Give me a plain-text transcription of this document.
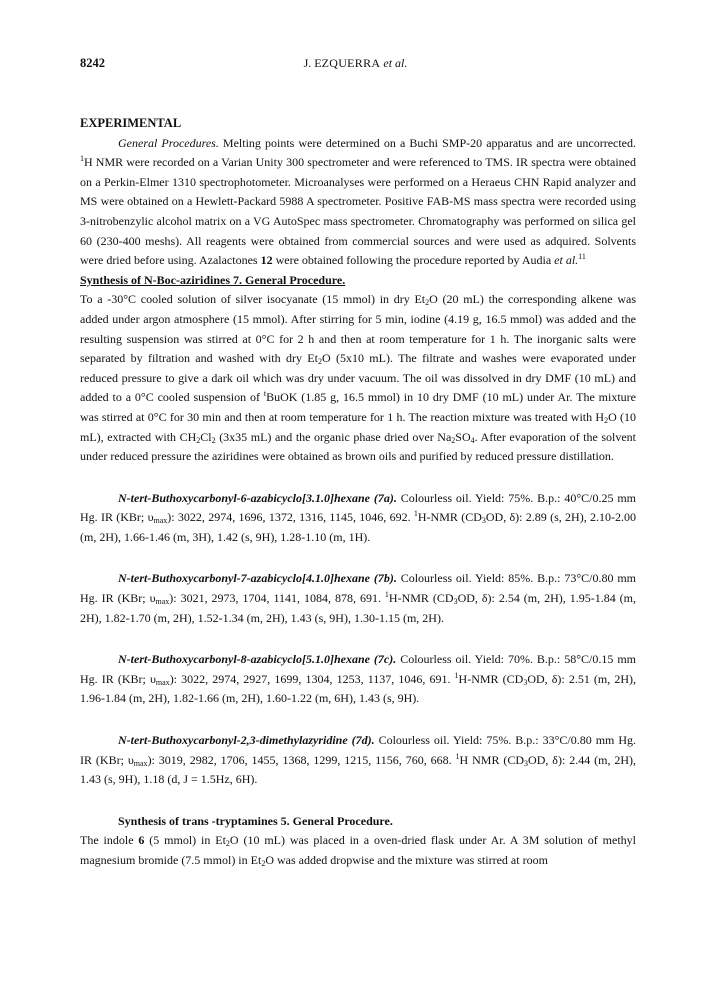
8242	J. EZQUERRA et al.

EXPERIMENTAL

General Procedures. Melting points were determined on a Buchi SMP-20 apparatus and are uncorrected. $^1$H NMR were recorded on a Varian Unity 300 spectrometer and were referenced to TMS. IR spectra were obtained on a Perkin-Elmer 1310 spectrophotometer. Microanalyses were performed on a Heraeus CHN Rapid analyzer and MS were obtained on a Hewlett-Packard 5988 A spectrometer. Positive FAB-MS mass spectra were recorded using 3-nitrobenzylic alcohol matrix on a VG AutoSpec mass spectrometer. Chromatography was performed on silica gel 60 (230-400 meshs). All reagents were obtained from commercial sources and were used as adquired. Solvents were dried before using. Azalactones 12 were obtained following the procedure reported by Audia et al.$^{11}$

Synthesis of N-Boc-aziridines 7. General Procedure.

To a -30°C cooled solution of silver isocyanate (15 mmol) in dry $Et_2O$ (20 mL) the corresponding alkene was added under argon atmosphere (15 mmol). After stirring for 5 min, iodine (4.19 g, 16.5 mmol) was added and the resulting suspension was stirred at 0°C for 2 h and then at room temperature for 1 h. The inorganic salts were separated by filtration and washed with dry $Et_2O$ (5x10 mL). The filtrate and washes were evaporated under reduced pressure to give a dark oil which was dry under vacuum. The oil was dissolved in dry DMF (10 mL) and added to a 0°C cooled suspension of $^t$BuOK (1.85 g, 16.5 mmol) in 10 dry DMF (10 mL) under Ar. The mixture was stirred at 0°C for 30 min and then at room temperature for 1 h. The reaction mixture was treated with $H_2O$ (10 mL), extracted with $CH_2Cl_2$ (3x35 mL) and the organic phase dried over $Na_2SO_4$. After evaporation of the solvent under reduced pressure the aziridines were obtained as brown oils and purified by reduced pressure distillation.

N-tert-Buthoxycarbonyl-6-azabicyclo[3.1.0]hexane (7a). Colourless oil. Yield: 75%. B.p.: 40°C/0.25 mm Hg. IR (KBr; $\upsilon_{max}$): 3022, 2974, 1696, 1372, 1316, 1145, 1046, 692. $^1$H-NMR ($CD_3OD$, δ): 2.89 (s, 2H), 2.10-2.00 (m, 2H), 1.66-1.46 (m, 3H), 1.42 (s, 9H), 1.28-1.10 (m, 1H).

N-tert-Buthoxycarbonyl-7-azabicyclo[4.1.0]hexane (7b). Colourless oil. Yield: 85%. B.p.: 73°C/0.80 mm Hg. IR (KBr; $\upsilon_{max}$): 3021, 2973, 1704, 1141, 1084, 878, 691. $^1$H-NMR ($CD_3OD$, δ): 2.54 (m, 2H), 1.95-1.84 (m, 2H), 1.82-1.70 (m, 2H), 1.52-1.34 (m, 2H), 1.43 (s, 9H), 1.30-1.15 (m, 2H).

N-tert-Buthoxycarbonyl-8-azabicyclo[5.1.0]hexane (7c). Colourless oil. Yield: 70%. B.p.: 58°C/0.15 mm Hg. IR (KBr; $\upsilon_{max}$): 3022, 2974, 2927, 1699, 1304, 1253, 1137, 1046, 691. $^1$H-NMR ($CD_3OD$, δ): 2.51 (m, 2H), 1.96-1.84 (m, 2H), 1.82-1.66 (m, 2H), 1.60-1.22 (m, 6H), 1.43 (s, 9H).

N-tert-Buthoxycarbonyl-2,3-dimethylazyridine (7d). Colourless oil. Yield: 75%. B.p.: 33°C/0.80 mm Hg. IR (KBr; $\upsilon_{max}$): 3019, 2982, 1706, 1455, 1368, 1299, 1215, 1156, 760, 668. $^1$H NMR ($CD_3OD$, δ): 2.44 (m, 2H), 1.43 (s, 9H), 1.18 (d, J = 1.5Hz, 6H).

Synthesis of trans -tryptamines 5. General Procedure.

The indole 6 (5 mmol) in $Et_2O$ (10 mL) was placed in a oven-dried flask under Ar. A 3M solution of methyl magnesium bromide (7.5 mmol) in $Et_2O$ was added dropwise and the mixture was stirred at room
